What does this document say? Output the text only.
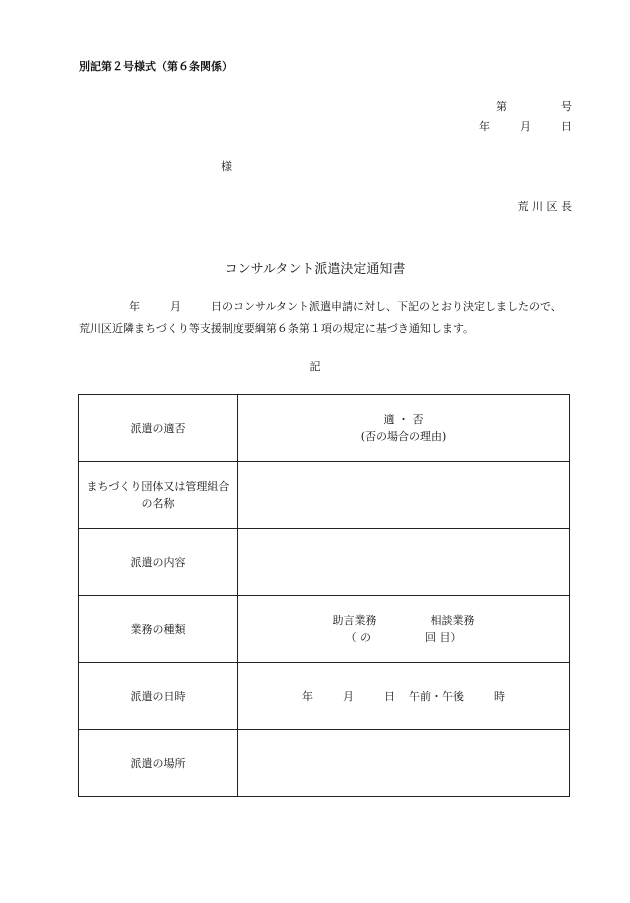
別記第２号様式（第６条関係）
第	号
年	月	日
様
荒 川 区 長
コンサルタント派遣決定通知書
年	月	日のコンサルタント派遣申請に対し、下記のとおり決定しましたので、荒川区近隣まちづくり等支援制度要綱第６条第１項の規定に基づき通知します。
記
派遣の適否	適 ・ 否
(否の場合の理由)

まちづくり団体又は管理組合の名称	
派遣の内容	
業務の種類	助言業務 相談業務
（ の 回 目）

派遣の日時	年 月 日 午前・午後 時
派遣の場所	
